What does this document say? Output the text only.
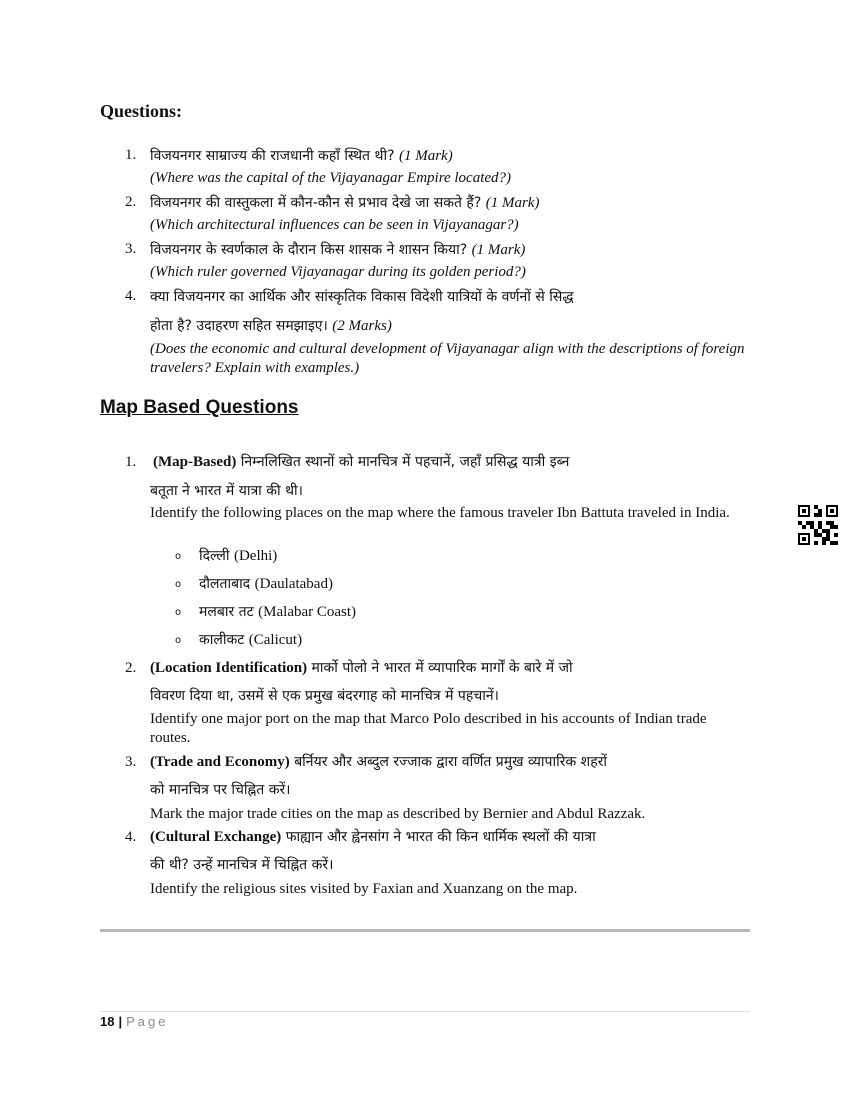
Questions:
1. विजयनगर साम्राज्य की राजधानी कहाँ स्थित थी? (1 Mark)
(Where was the capital of the Vijayanagar Empire located?)
2. विजयनगर की वास्तुकला में कौन-कौन से प्रभाव देखे जा सकते हैं? (1 Mark)
(Which architectural influences can be seen in Vijayanagar?)
3. विजयनगर के स्वर्णकाल के दौरान किस शासक ने शासन किया? (1 Mark)
(Which ruler governed Vijayanagar during its golden period?)
4. क्या विजयनगर का आर्थिक और सांस्कृतिक विकास विदेशी यात्रियों के वर्णनों से सिद्ध
होता है? उदाहरण सहित समझाइए। (2 Marks)
(Does the economic and cultural development of Vijayanagar align with the descriptions of foreign travelers? Explain with examples.)
Map Based Questions
1. (Map-Based) निम्नलिखित स्थानों को मानचित्र में पहचानें, जहाँ प्रसिद्ध यात्री इब्न
बतूता ने भारत में यात्रा की थी।
Identify the following places on the map where the famous traveler Ibn Battuta traveled in India.
o दिल्ली (Delhi)
o दौलताबाद (Daulatabad)
o मलबार तट (Malabar Coast)
o कालीकट (Calicut)
2. (Location Identification) मार्को पोलो ने भारत में व्यापारिक मार्गों के बारे में जो
विवरण दिया था, उसमें से एक प्रमुख बंदरगाह को मानचित्र में पहचानें।
Identify one major port on the map that Marco Polo described in his accounts of Indian trade routes.
3. (Trade and Economy) बर्नियर और अब्दुल रज्जाक द्वारा वर्णित प्रमुख व्यापारिक शहरों
को मानचित्र पर चिह्नित करें।
Mark the major trade cities on the map as described by Bernier and Abdul Razzak.
4. (Cultural Exchange) फाह्यान और ह्वेनसांग ने भारत की किन धार्मिक स्थलों की यात्रा
की थी? उन्हें मानचित्र में चिह्नित करें।
Identify the religious sites visited by Faxian and Xuanzang on the map.
18 | Page
